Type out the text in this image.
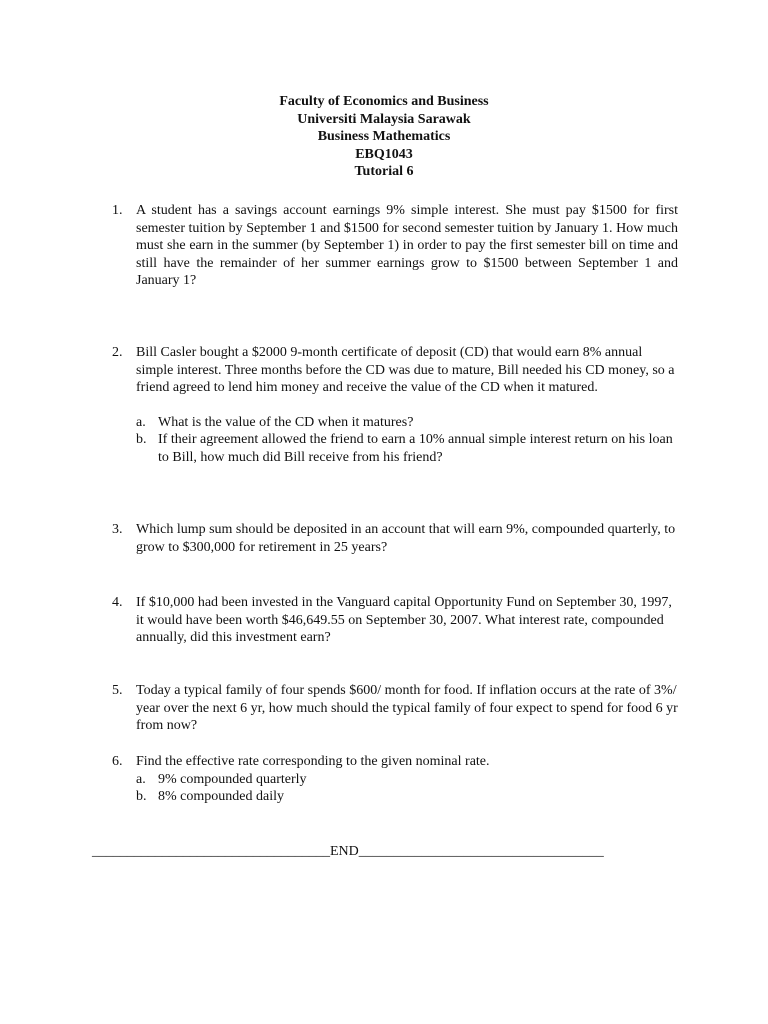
Faculty of Economics and Business
Universiti Malaysia Sarawak
Business Mathematics
EBQ1043
Tutorial 6
1. A student has a savings account earnings 9% simple interest. She must pay $1500 for first semester tuition by September 1 and $1500 for second semester tuition by January 1. How much must she earn in the summer (by September 1) in order to pay the first semester bill on time and still have the remainder of her summer earnings grow to $1500 between September 1 and January 1?
2. Bill Casler bought a $2000 9-month certificate of deposit (CD) that would earn 8% annual simple interest. Three months before the CD was due to mature, Bill needed his CD money, so a friend agreed to lend him money and receive the value of the CD when it matured.
a. What is the value of the CD when it matures?
b. If their agreement allowed the friend to earn a 10% annual simple interest return on his loan to Bill, how much did Bill receive from his friend?
3. Which lump sum should be deposited in an account that will earn 9%, compounded quarterly, to grow to $300,000 for retirement in 25 years?
4. If $10,000 had been invested in the Vanguard capital Opportunity Fund on September 30, 1997, it would have been worth $46,649.55 on September 30, 2007. What interest rate, compounded annually, did this investment earn?
5. Today a typical family of four spends $600/ month for food. If inflation occurs at the rate of 3%/ year over the next 6 yr, how much should the typical family of four expect to spend for food 6 yr from now?
6. Find the effective rate corresponding to the given nominal rate.
a. 9% compounded quarterly
b. 8% compounded daily
__________________________________END___________________________________
